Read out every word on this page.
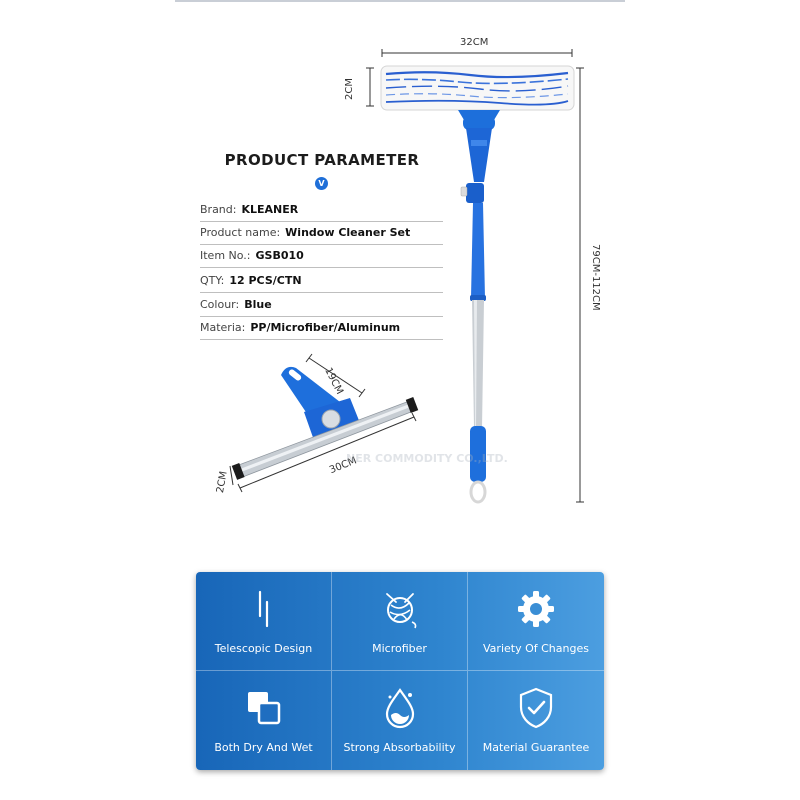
PRODUCT PARAMETER
V
Brand: KLEANER
Product name: Window Cleaner Set
Item No.: GSB010
QTY: 12 PCS/CTN
Colour: Blue
Materia: PP/Microfiber/Aluminum
32CM
2CM
79CM-112CM
19CM
30CM
2CM
NER COMMODITY CO.,LTD.
Telescopic Design	Microfiber	Variety Of Changes
Both Dry And Wet	Strong Absorbability	Material Guarantee
